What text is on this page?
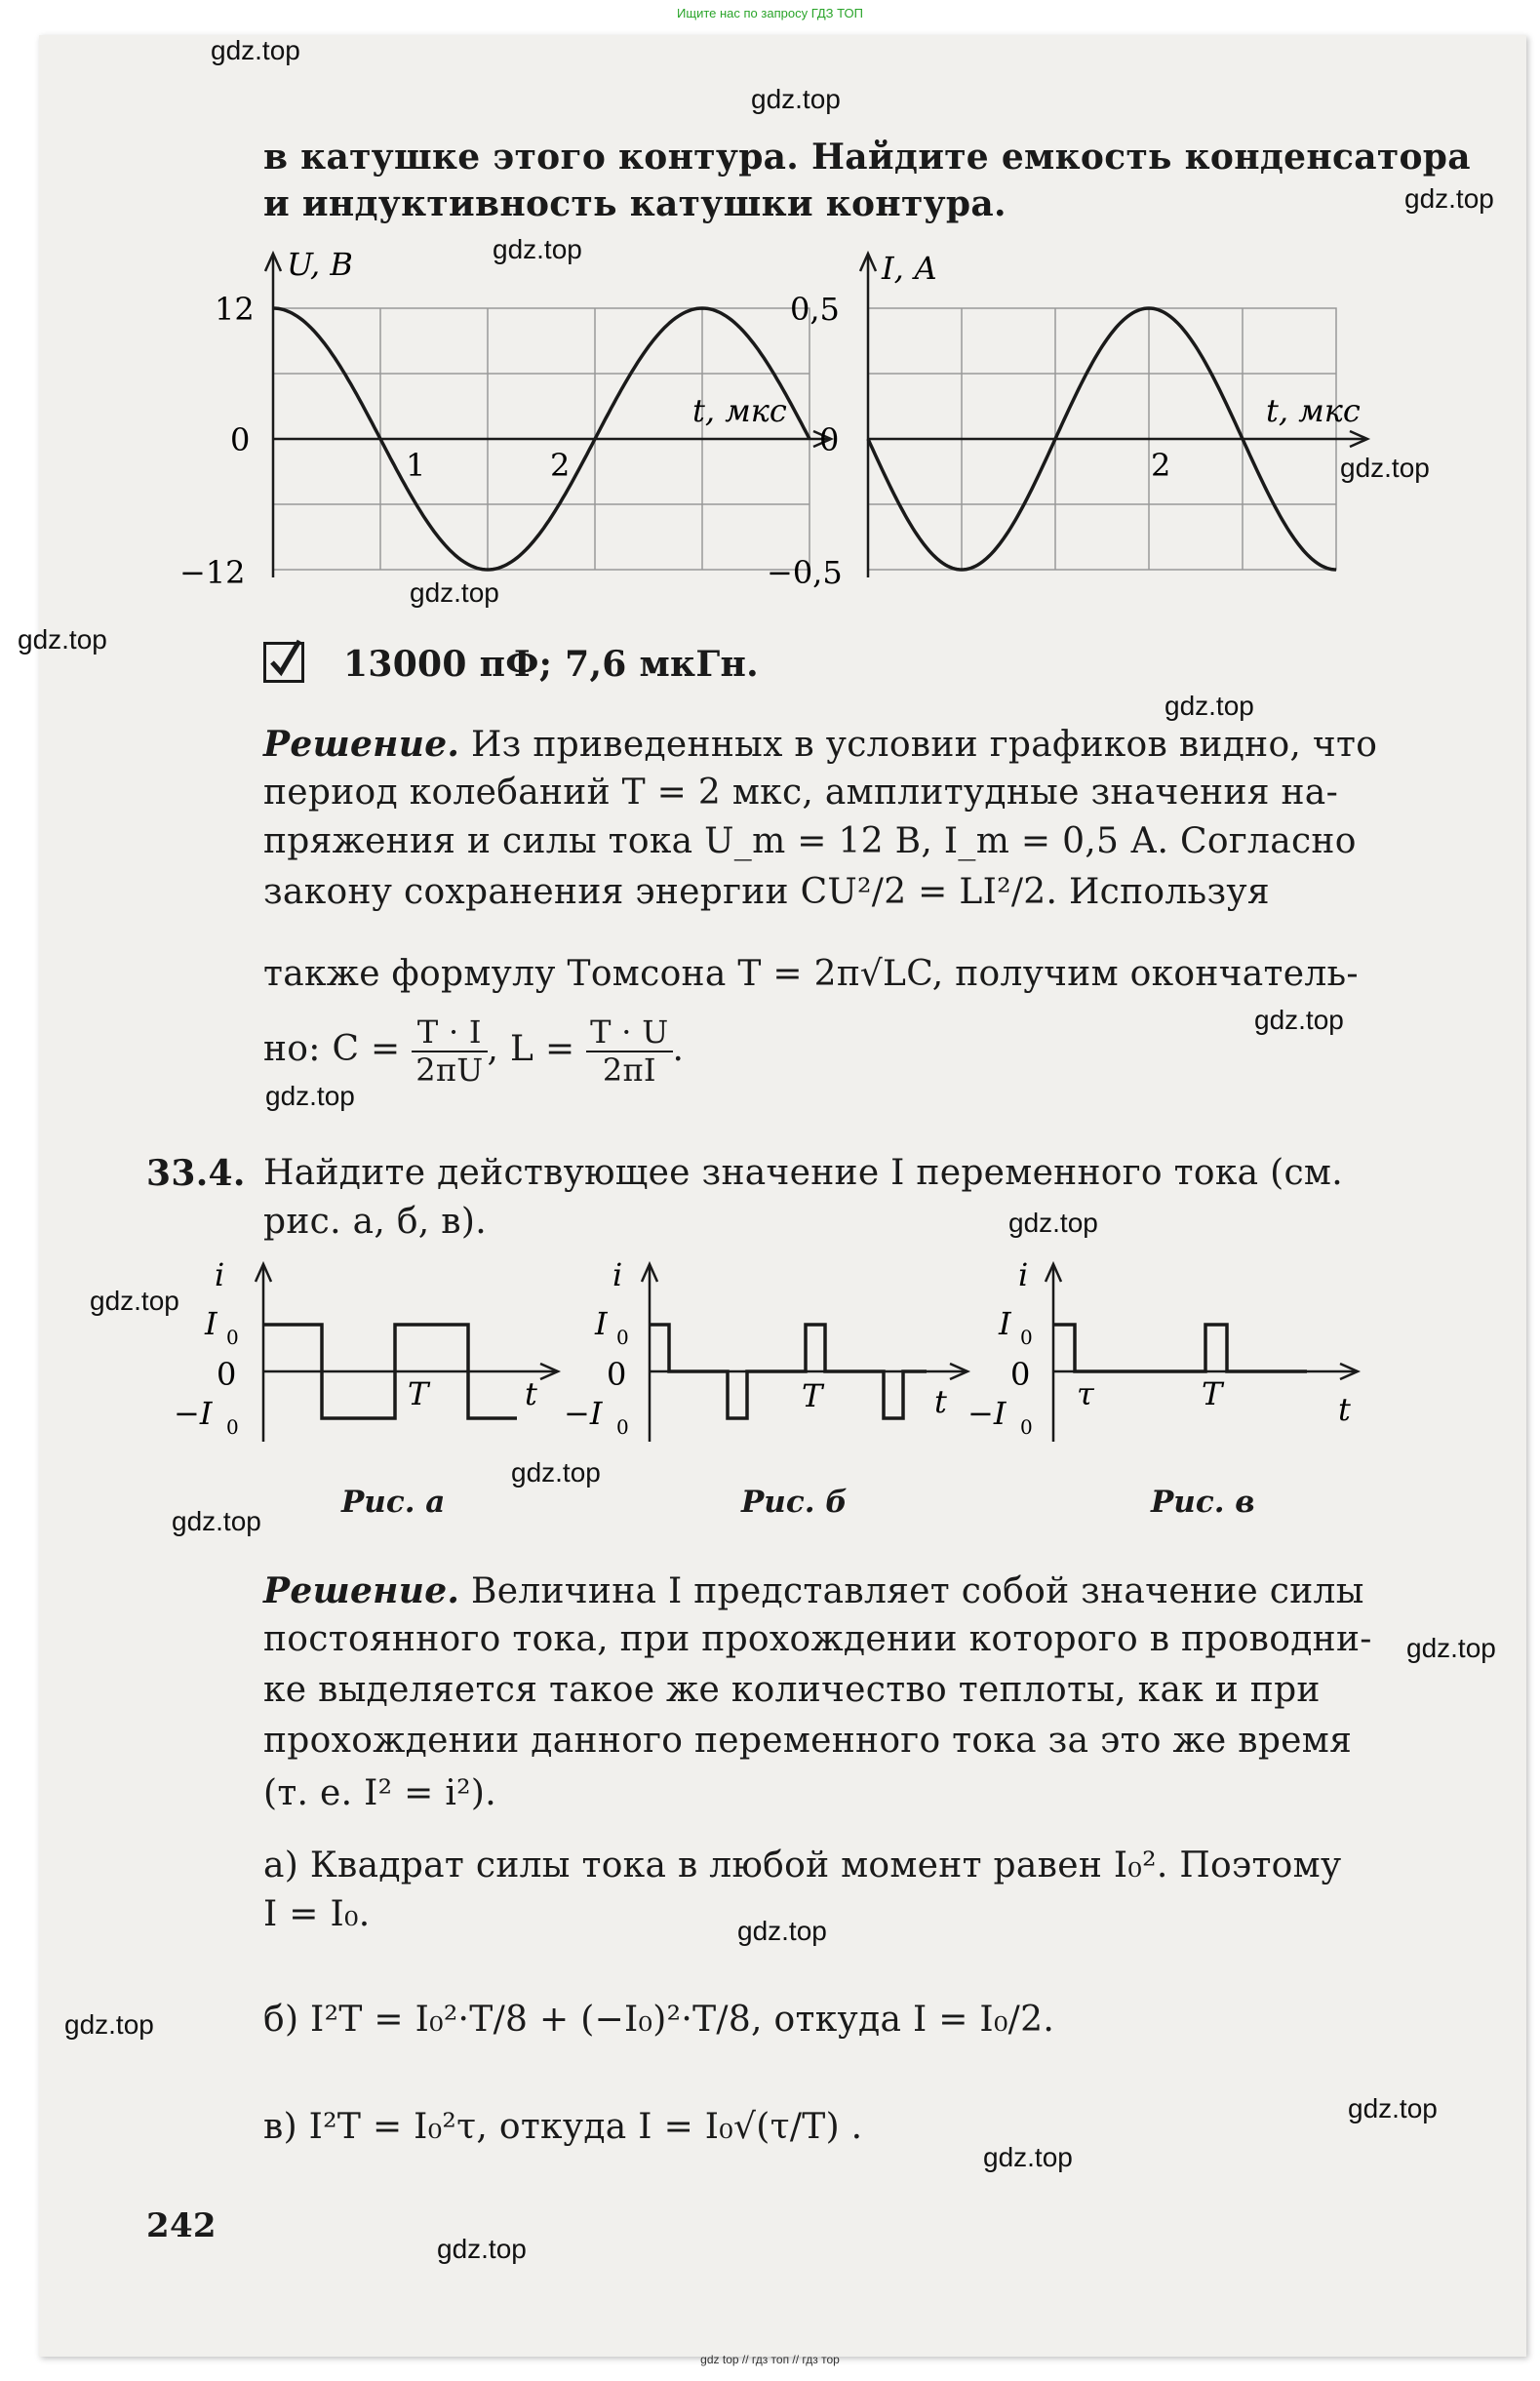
Ищите нас по запросу ГДЗ ТОП
в катушке этого контура. Найдите емкость конденсатора
и индуктивность катушки контура.
U, В
12
0
−12
1	2
t, мкс
I, А
0,5
0
−0,5
2
t, мкс
13000 пФ; 7,6 мкГн.
Решение. Из приведенных в условии графиков видно, что
период колебаний T = 2 мкс, амплитудные значения на-
пряжения и силы тока U_m = 12 В, I_m = 0,5 А. Согласно
закону сохранения энергии CU²/2 = LI²/2. Используя
также формулу Томсона T = 2π√LC, получим окончатель-
но: $C = \frac{T \cdot I}{2\pi U}$ , $L = \frac{T \cdot U}{2\pi I}$ .
33.4. Найдите действующее значение I переменного тока (см.
рис. а, б, в).
i
I 0
0
−I 0
T	t
i
I 0
0
−I 0
T	t
i
I 0
0
−I 0
τ	T	t
Рис. а	Рис. б	Рис. в
Решение. Величина I представляет собой значение силы
постоянного тока, при прохождении которого в проводни-
ке выделяется такое же количество теплоты, как и при
прохождении данного переменного тока за это же время
(т. е. I² = i²).
а) Квадрат силы тока в любой момент равен I₀². Поэтому
I = I₀.
б) I²T = I₀²·T/8 + (−I₀)²·T/8, откуда I = I₀/2.
в) I²T = I₀²τ, откуда I = I₀√(τ/T) .
242
gdz.top
gdz.top
gdz.top
gdz.top
gdz.top
gdz.top
gdz.top
gdz.top
gdz.top
gdz.top
gdz.top
gdz.top
gdz.top
gdz.top
gdz.top
gdz.top
gdz.top
gdz.top
gdz.top
gdz.top
gdz top // гдз топ // гдз тор
